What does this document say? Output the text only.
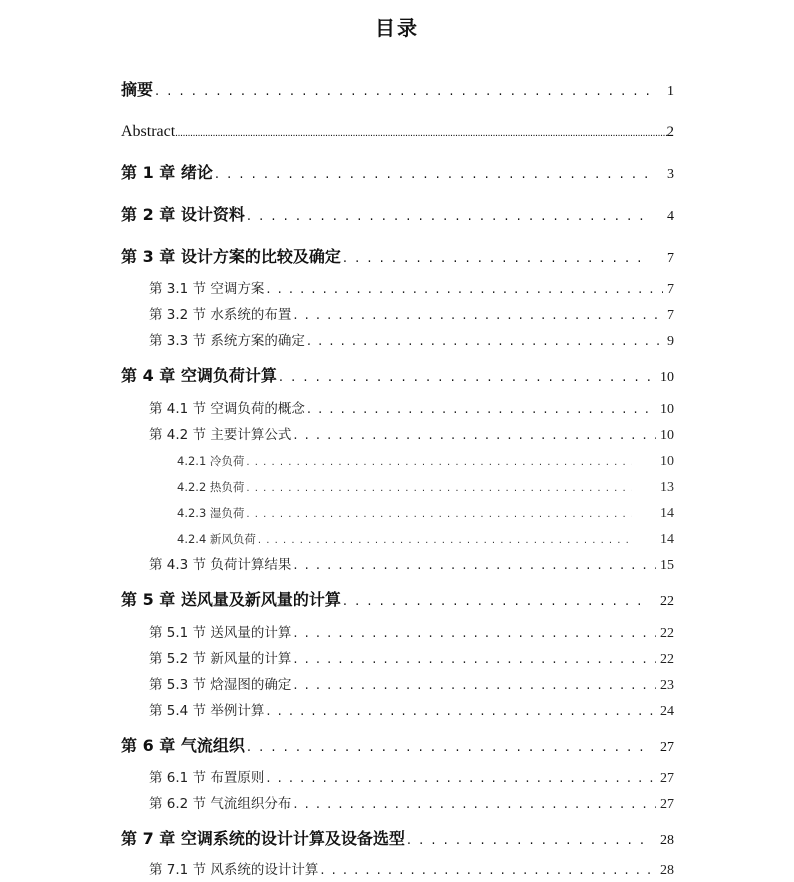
目录
摘要 . . .	1
Abstract .....	2
第 1 章 绪论 . . .	3
第 2 章 设计资料 . . .	4
第 3 章 设计方案的比较及确定 . . .	7
第 3.1 节 空调方案 . . .	7
第 3.2 节 水系统的布置 . . .	7
第 3.3 节 系统方案的确定 . . .	9
第 4 章 空调负荷计算 . . .	10
第 4.1 节 空调负荷的概念 . . .	10
第 4.2 节 主要计算公式 . . .	10
4.2.1 冷负荷 . . .	10
4.2.2 热负荷 . . .	13
4.2.3 湿负荷 . . .	14
4.2.4 新风负荷 . . .	14
第 4.3 节 负荷计算结果 . . .	15
第 5 章 送风量及新风量的计算 . . .	22
第 5.1 节 送风量的计算 . . .	22
第 5.2 节 新风量的计算 . . .	22
第 5.3 节 焓湿图的确定 . . .	23
第 5.4 节 举例计算 . . .	24
第 6 章 气流组织 . . .	27
第 6.1 节 布置原则 . . .	27
第 6.2 节 气流组织分布 . . .	27
第 7 章 空调系统的设计计算及设备选型 . . .	28
第 7.1 节 风系统的设计计算 . . .	28
